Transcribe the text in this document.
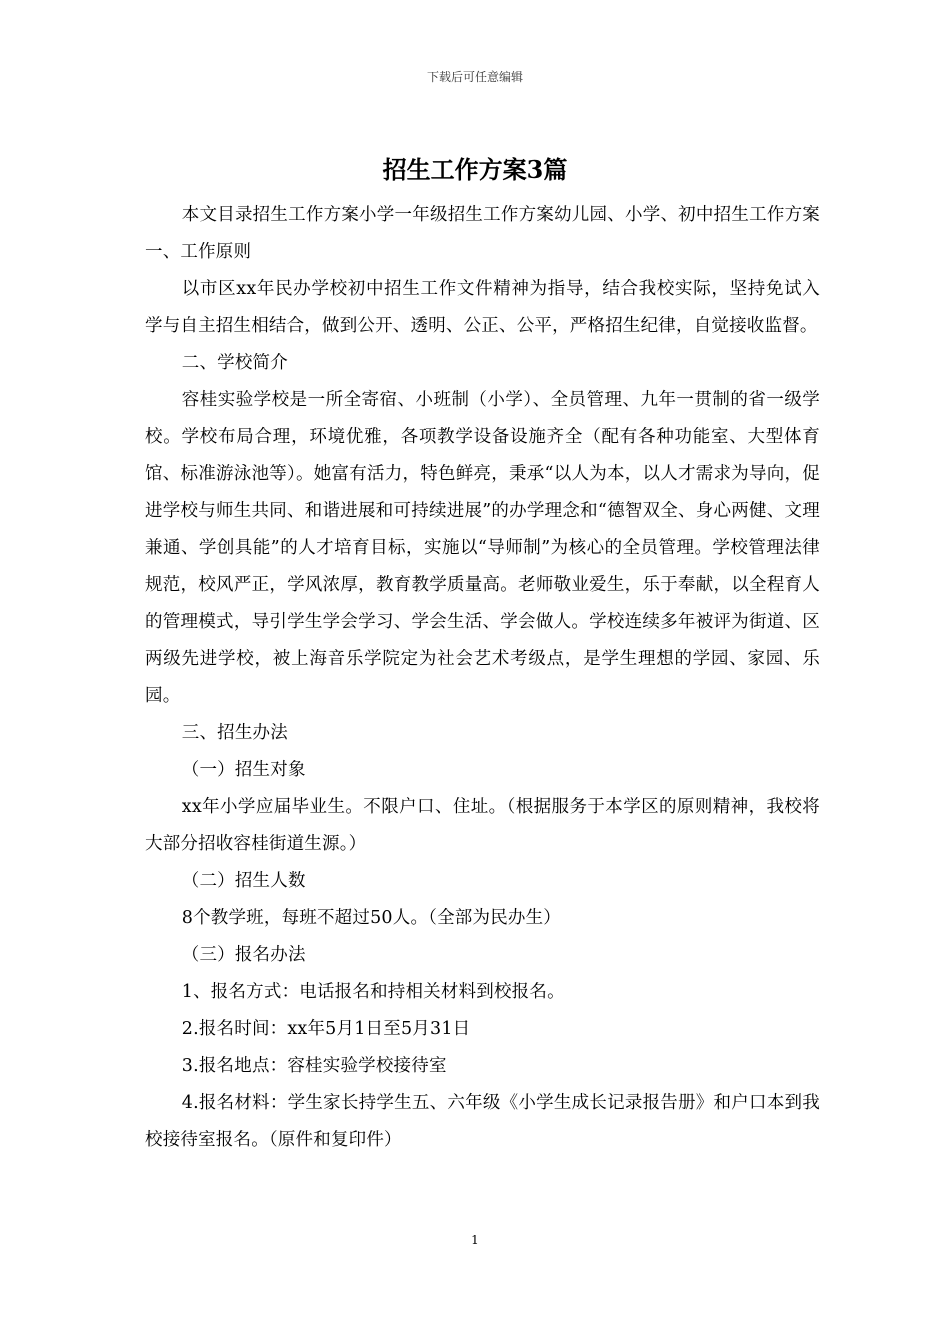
下载后可任意编辑
招生工作方案3篇

本文目录招生工作方案小学一年级招生工作方案幼儿园、小学、初中招生工作方案一、工作原则

以市区xx年民办学校初中招生工作文件精神为指导，结合我校实际，坚持免试入学与自主招生相结合，做到公开、透明、公正、公平，严格招生纪律，自觉接收监督。

二、学校简介

容桂实验学校是一所全寄宿、小班制（小学）、全员管理、九年一贯制的省一级学校。学校布局合理，环境优雅，各项教学设备设施齐全（配有各种功能室、大型体育馆、标准游泳池等）。她富有活力，特色鲜亮，秉承“以人为本，以人才需求为导向，促进学校与师生共同、和谐进展和可持续进展”的办学理念和“德智双全、身心两健、文理兼通、学创具能”的人才培育目标，实施以“导师制”为核心的全员管理。学校管理法律规范，校风严正，学风浓厚，教育教学质量高。老师敬业爱生，乐于奉献，以全程育人的管理模式，导引学生学会学习、学会生活、学会做人。学校连续多年被评为街道、区两级先进学校，被上海音乐学院定为社会艺术考级点，是学生理想的学园、家园、乐园。

三、招生办法

（一）招生对象

xx年小学应届毕业生。不限户口、住址。（根据服务于本学区的原则精神，我校将大部分招收容桂街道生源。）

（二）招生人数

8个教学班，每班不超过50人。（全部为民办生）

（三）报名办法

1、报名方式：电话报名和持相关材料到校报名。

2.报名时间：xx年5月1日至5月31日

3.报名地点：容桂实验学校接待室

4.报名材料：学生家长持学生五、六年级《小学生成长记录报告册》和户口本到我校接待室报名。（原件和复印件）

1
